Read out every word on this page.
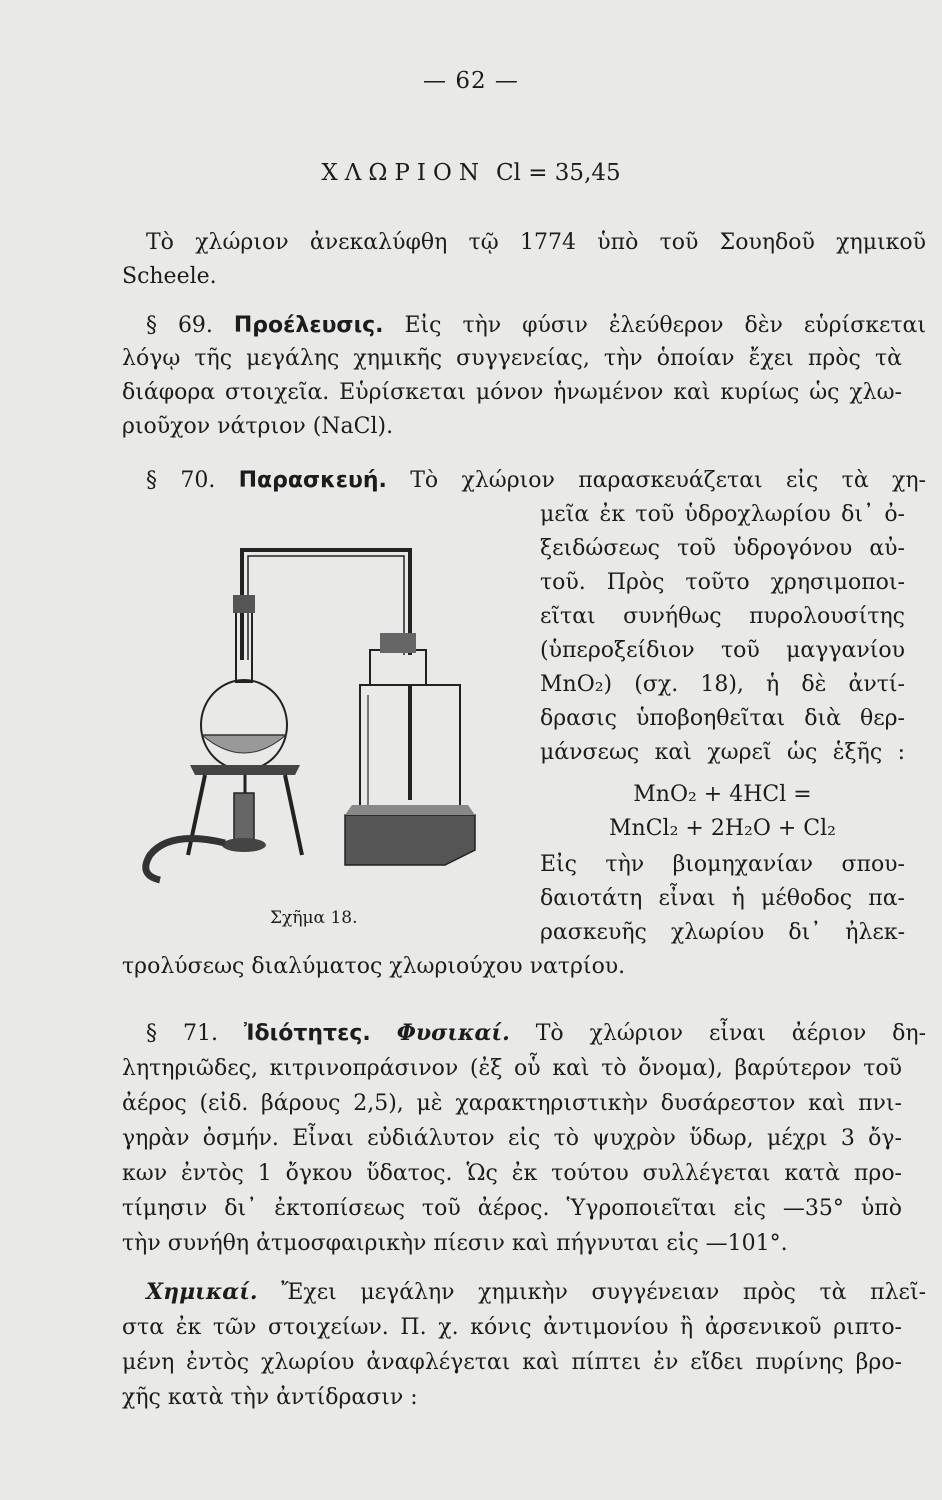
— 62 —
ΧΛΩΡΙΟΝ Cl = 35,45
Τὸ χλώριον ἀνεκαλύφθη τῷ 1774 ὑπὸ τοῦ Σουηδοῦ χημικοῦ
Scheele.
§ 69. Προέλευσις. Εἰς τὴν φύσιν ἐλεύθερον δὲν εὑρίσκεται
λόγῳ τῆς μεγάλης χημικῆς συγγενείας, τὴν ὁποίαν ἔχει πρὸς τὰ
διάφορα στοιχεῖα. Εὑρίσκεται μόνον ἡνωμένον καὶ κυρίως ὡς χλω-
ριοῦχον νάτριον (NaCl).
§ 70. Παρασκευή. Τὸ χλώριον παρασκευάζεται εἰς τὰ χη-
μεῖα ἐκ τοῦ ὑδροχλωρίου δι᾿ ὀ-
ξειδώσεως τοῦ ὑδρογόνου αὐ-
τοῦ. Πρὸς τοῦτο χρησιμοποι-
εῖται συνήθως πυρολουσίτης
(ὑπεροξείδιον τοῦ μαγγανίου
MnO₂) (σχ. 18), ἡ δὲ ἀντί-
δρασις ὑποβοηθεῖται διὰ θερ-
μάνσεως καὶ χωρεῖ ὡς ἑξῆς :
MnO₂ + 4HCl =
MnCl₂ + 2H₂O + Cl₂
Εἰς τὴν βιομηχανίαν σπου-
δαιοτάτη εἶναι ἡ μέθοδος πα-
ρασκευῆς χλωρίου δι᾿ ἠλεκ-
τρολύσεως διαλύματος χλωριούχου νατρίου.
Σχῆμα 18.
§ 71. Ἰδιότητες. Φυσικαί. Τὸ χλώριον εἶναι ἀέριον δη-
λητηριῶδες, κιτρινοπράσινον (ἐξ οὗ καὶ τὸ ὄνομα), βαρύτερον τοῦ
ἀέρος (εἰδ. βάρους 2,5), μὲ χαρακτηριστικὴν δυσάρεστον καὶ πνι-
γηρὰν ὀσμήν. Εἶναι εὐδιάλυτον εἰς τὸ ψυχρὸν ὕδωρ, μέχρι 3 ὄγ-
κων ἐντὸς 1 ὄγκου ὕδατος. Ὡς ἐκ τούτου συλλέγεται κατὰ προ-
τίμησιν δι᾿ ἐκτοπίσεως τοῦ ἀέρος. Ὑγροποιεῖται εἰς —35° ὑπὸ
τὴν συνήθη ἀτμοσφαιρικὴν πίεσιν καὶ πήγνυται εἰς —101°.
Χημικαί. Ἔχει μεγάλην χημικὴν συγγένειαν πρὸς τὰ πλεῖ-
στα ἐκ τῶν στοιχείων. Π. χ. κόνις ἀντιμονίου ἢ ἀρσενικοῦ ριπτο-
μένη ἐντὸς χλωρίου ἀναφλέγεται καὶ πίπτει ἐν εἴδει πυρίνης βρο-
χῆς κατὰ τὴν ἀντίδρασιν :
